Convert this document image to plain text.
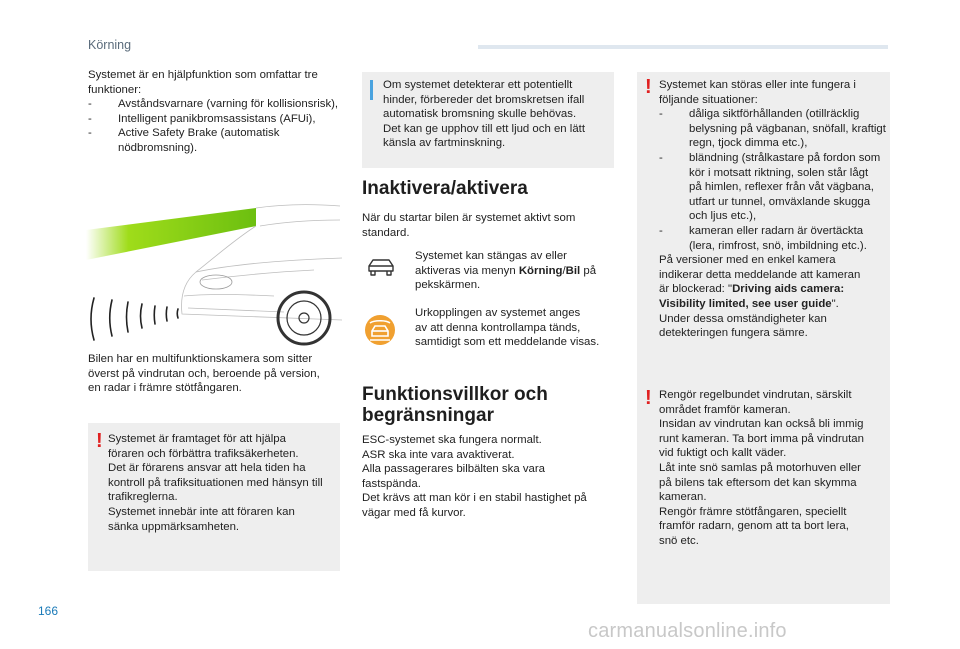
Körning
Systemet är en hjälpfunktion som omfattar tre
funktioner:
- Avståndsvarnare (varning för kollisionsrisk),
- Intelligent panikbromsassistans (AFUi),
- Active Safety Brake (automatisk
nödbromsning).
Bilen har en multifunktionskamera som sitter
överst på vindrutan och, beroende på version,
en radar i främre stötfångaren.
! Systemet är framtaget för att hjälpa
föraren och förbättra trafiksäkerheten.
Det är förarens ansvar att hela tiden ha
kontroll på trafiksituationen med hänsyn till
trafikreglerna.
Systemet innebär inte att föraren kan
sänka uppmärksamheten.
Om systemet detekterar ett potentiellt
hinder, förbereder det bromskretsen ifall
automatisk bromsning skulle behövas.
Det kan ge upphov till ett ljud och en lätt
känsla av fartminskning.
Inaktivera/aktivera
När du startar bilen är systemet aktivt som
standard.
Systemet kan stängas av eller
aktiveras via menyn Körning/Bil på
pekskärmen.
Urkopplingen av systemet anges
av att denna kontrollampa tänds,
samtidigt som ett meddelande visas.
Funktionsvillkor och
begränsningar
ESC-systemet ska fungera normalt.
ASR ska inte vara avaktiverat.
Alla passagerares bilbälten ska vara
fastspända.
Det krävs att man kör i en stabil hastighet på
vägar med få kurvor.
! Systemet kan störas eller inte fungera i
följande situationer:
- dåliga siktförhållanden (otillräcklig
belysning på vägbanan, snöfall, kraftigt
regn, tjock dimma etc.),
- bländning (strålkastare på fordon som
kör i motsatt riktning, solen står lågt
på himlen, reflexer från våt vägbana,
utfart ur tunnel, omväxlande skugga
och ljus etc.),
- kameran eller radarn är övertäckta
(lera, rimfrost, snö, imbildning etc.).
På versioner med en enkel kamera
indikerar detta meddelande att kameran
är blockerad: "Driving aids camera:
Visibility limited, see user guide".
Under dessa omständigheter kan
detekteringen fungera sämre.
! Rengör regelbundet vindrutan, särskilt
området framför kameran.
Insidan av vindrutan kan också bli immig
runt kameran. Ta bort imma på vindrutan
vid fuktigt och kallt väder.
Låt inte snö samlas på motorhuven eller
på bilens tak eftersom det kan skymma
kameran.
Rengör främre stötfångaren, speciellt
framför radarn, genom att ta bort lera,
snö etc.
166
carmanualsonline.info
